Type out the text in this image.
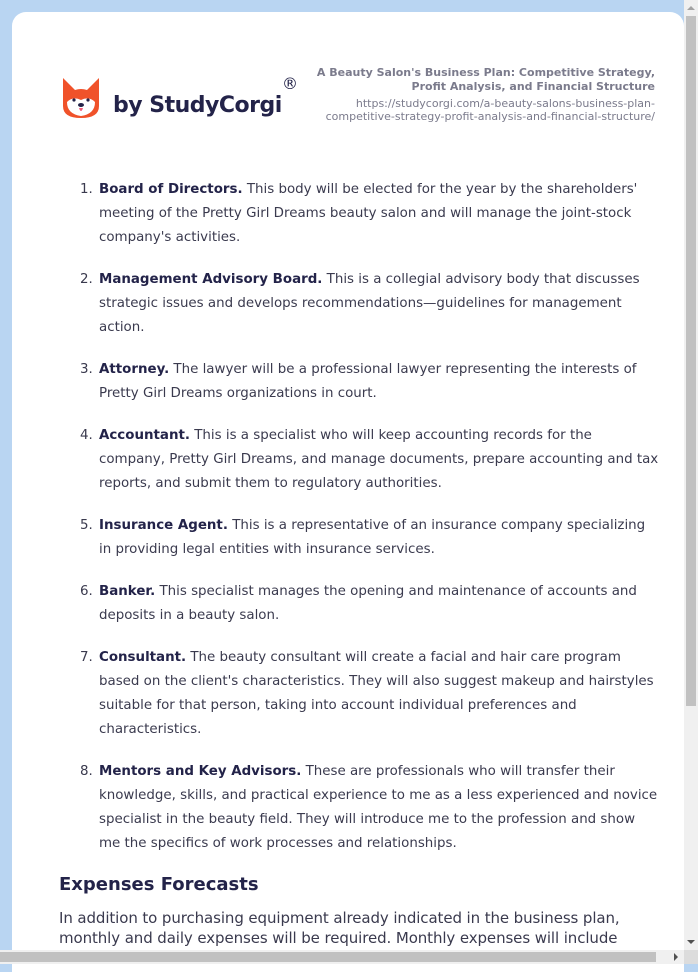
by StudyCorgi
®
A Beauty Salon's Business Plan: Competitive Strategy,
Profit Analysis, and Financial Structure
https://studycorgi.com/a-beauty-salons-business-plan-
competitive-strategy-profit-analysis-and-financial-structure/
1. Board of Directors. This body will be elected for the year by the shareholders' meeting of the Pretty Girl Dreams beauty salon and will manage the joint-stock company's activities.
2. Management Advisory Board. This is a collegial advisory body that discusses strategic issues and develops recommendations—guidelines for management action.
3. Attorney. The lawyer will be a professional lawyer representing the interests of Pretty Girl Dreams organizations in court.
4. Accountant. This is a specialist who will keep accounting records for the company, Pretty Girl Dreams, and manage documents, prepare accounting and tax reports, and submit them to regulatory authorities.
5. Insurance Agent. This is a representative of an insurance company specializing in providing legal entities with insurance services.
6. Banker. This specialist manages the opening and maintenance of accounts and deposits in a beauty salon.
7. Consultant. The beauty consultant will create a facial and hair care program based on the client's characteristics. They will also suggest makeup and hairstyles suitable for that person, taking into account individual preferences and characteristics.
8. Mentors and Key Advisors. These are professionals who will transfer their knowledge, skills, and practical experience to me as a less experienced and novice specialist in the beauty field. They will introduce me to the profession and show me the specifics of work processes and relationships.
Expenses Forecasts
In addition to purchasing equipment already indicated in the business plan, monthly and daily expenses will be required. Monthly expenses will include
